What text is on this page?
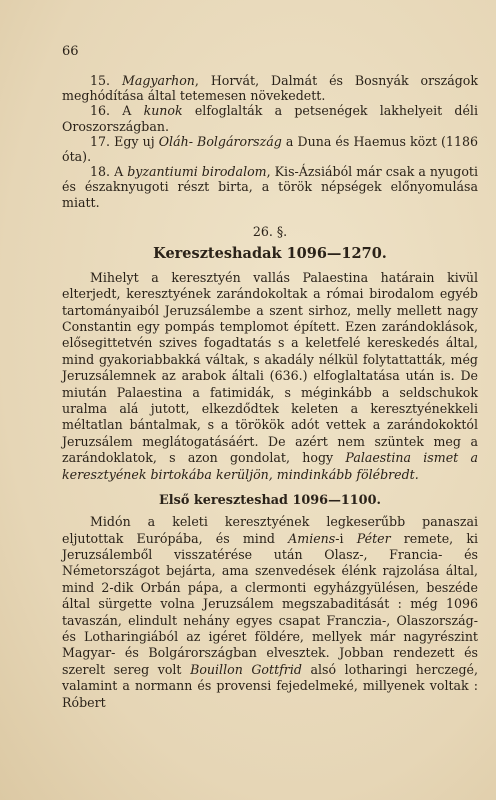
66

15. Magyarhon, Horvát, Dalmát és Bosnyák országok meghódítása által tetemesen növekedett.

16. A kunok elfoglalták a petsenégek lakhelyeit déli Oroszországban.

17. Egy uj Oláh- Bolgárország a Duna és Haemus közt (1186 óta).

18. A byzantiumi birodalom, Kis-Ázsiából már csak a nyugoti és északnyugoti részt birta, a török népségek előnyomulása miatt.

26. §.
Kereszteshadak 1096—1270.

Mihelyt a keresztyén vallás Palaestina határain kivül elterjedt, keresztyének zarándokoltak a római birodalom egyéb tartományaiból Jeruzsálembe a szent sirhoz, melly mellett nagy Constantin egy pompás templomot épített. Ezen zarándoklások, elősegittetvén szives fogadtatás s a keletfelé kereskedés által, mind gyakoriabbakká váltak, s akadály nélkül folytattatták, még Jeruzsálemnek az arabok általi (636.) elfoglaltatása után is. De miután Palaestina a fatimidák, s méginkább a seldschukok uralma alá jutott, elkezdődtek keleten a keresztyénekkeli méltatlan bántalmak, s a törökök adót vettek a zarándokoktól Jeruzsálem meglátogatásáért. De azért nem szüntek meg a zarándoklatok, s azon gondolat, hogy Palaestina ismet a keresztyének birtokába kerüljön, mindinkább fölébredt.

Első kereszteshad 1096—1100.

Midón a keleti keresztyének legkeserűbb panaszai eljutottak Európába, és mind Amiens-i Péter remete, ki Jeruzsálemből visszatérése után Olasz-, Francia- és Németországot bejárta, ama szenvedések élénk rajzolása által, mind 2-dik Orbán pápa, a clermonti egyházgyülésen, beszéde által sürgette volna Jeruzsálem megszabaditását : még 1096 tavaszán, elindult nehány egyes csapat Franczia-, Olaszország- és Lotharingiából az igéret földére, mellyek már nagyrészint Magyar- és Bolgárországban elvesztek. Jobban rendezett és szerelt sereg volt Bouillon Gottfrid alsó lotharingi herczegé, valamint a normann és provensi fejedelmeké, millyenek voltak : Róbert
